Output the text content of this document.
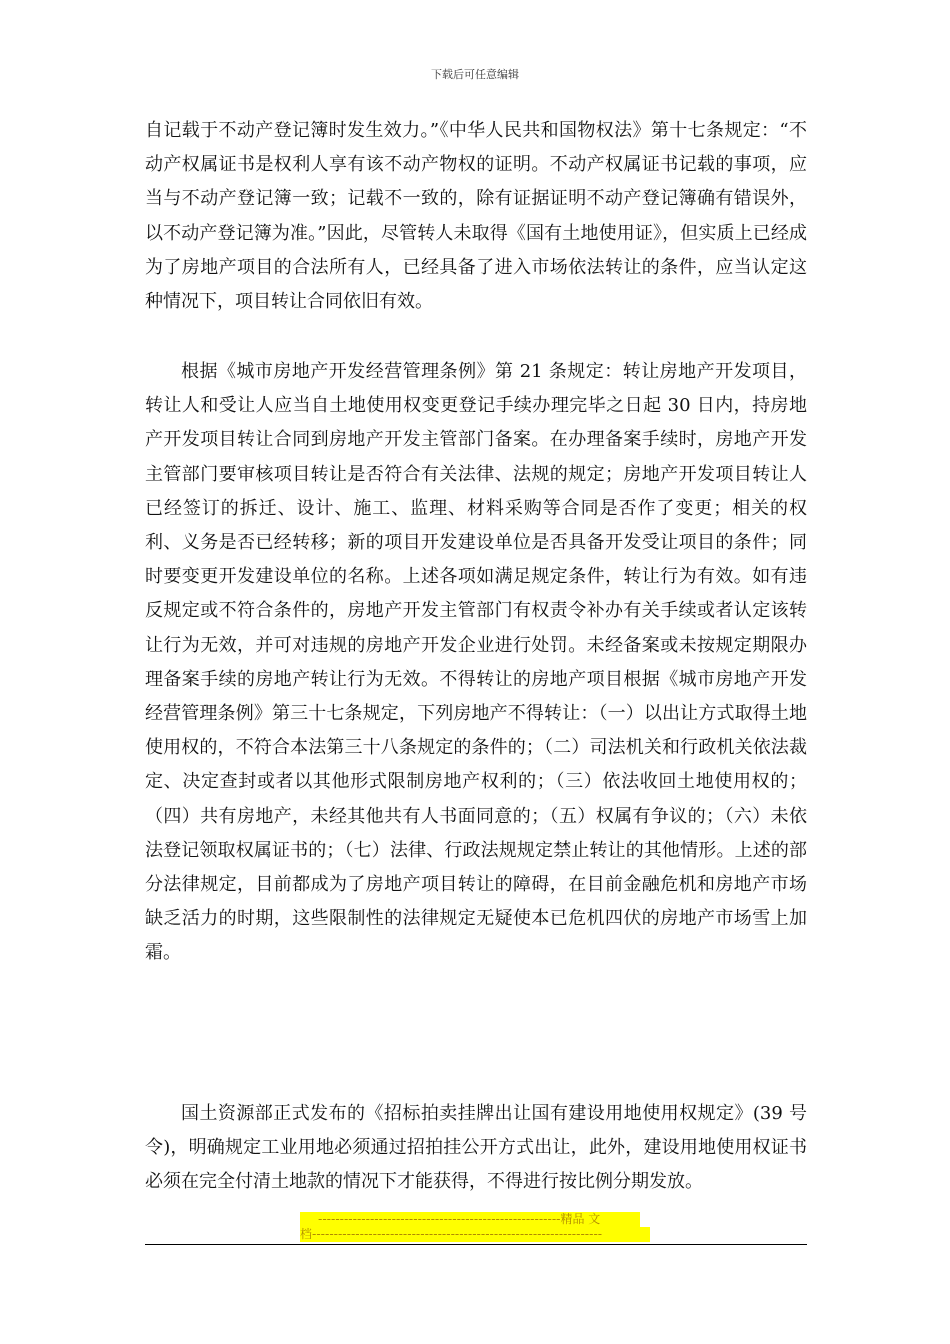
下载后可任意编辑

自记载于不动产登记簿时发生效力。”《中华人民共和国物权法》第十七条规定：“不动产权属证书是权利人享有该不动产物权的证明。不动产权属证书记载的事项，应当与不动产登记簿一致；记载不一致的，除有证据证明不动产登记簿确有错误外，以不动产登记簿为准。”因此，尽管转人未取得《国有土地使用证》，但实质上已经成为了房地产项目的合法所有人，已经具备了进入市场依法转让的条件，应当认定这种情况下，项目转让合同依旧有效。

根据《城市房地产开发经营管理条例》第 21 条规定：转让房地产开发项目，转让人和受让人应当自土地使用权变更登记手续办理完毕之日起 30 日内，持房地产开发项目转让合同到房地产开发主管部门备案。在办理备案手续时，房地产开发主管部门要审核项目转让是否符合有关法律、法规的规定；房地产开发项目转让人已经签订的拆迁、设计、施工、监理、材料采购等合同是否作了变更；相关的权利、义务是否已经转移；新的项目开发建设单位是否具备开发受让项目的条件；同时要变更开发建设单位的名称。上述各项如满足规定条件，转让行为有效。如有违反规定或不符合条件的，房地产开发主管部门有权责令补办有关手续或者认定该转让行为无效，并可对违规的房地产开发企业进行处罚。未经备案或未按规定期限办理备案手续的房地产转让行为无效。不得转让的房地产项目根据《城市房地产开发经营管理条例》第三十七条规定，下列房地产不得转让：（一）以出让方式取得土地使用权的，不符合本法第三十八条规定的条件的；（二）司法机关和行政机关依法裁定、决定查封或者以其他形式限制房地产权利的；（三）依法收回土地使用权的；（四）共有房地产，未经其他共有人书面同意的；（五）权属有争议的；（六）未依法登记领取权属证书的；（七）法律、行政法规规定禁止转让的其他情形。上述的部分法律规定，目前都成为了房地产项目转让的障碍，在目前金融危机和房地产市场缺乏活力的时期，这些限制性的法律规定无疑使本已危机四伏的房地产市场雪上加霜。

国土资源部正式发布的《招标拍卖挂牌出让国有建设用地使用权规定》(39 号令)，明确规定工业用地必须通过招拍挂公开方式出让，此外，建设用地使用权证书必须在完全付清土地款的情况下才能获得，不得进行按比例分期发放。

--------------------------------------------------------精品 文
档-------------------------------------------------------------------
